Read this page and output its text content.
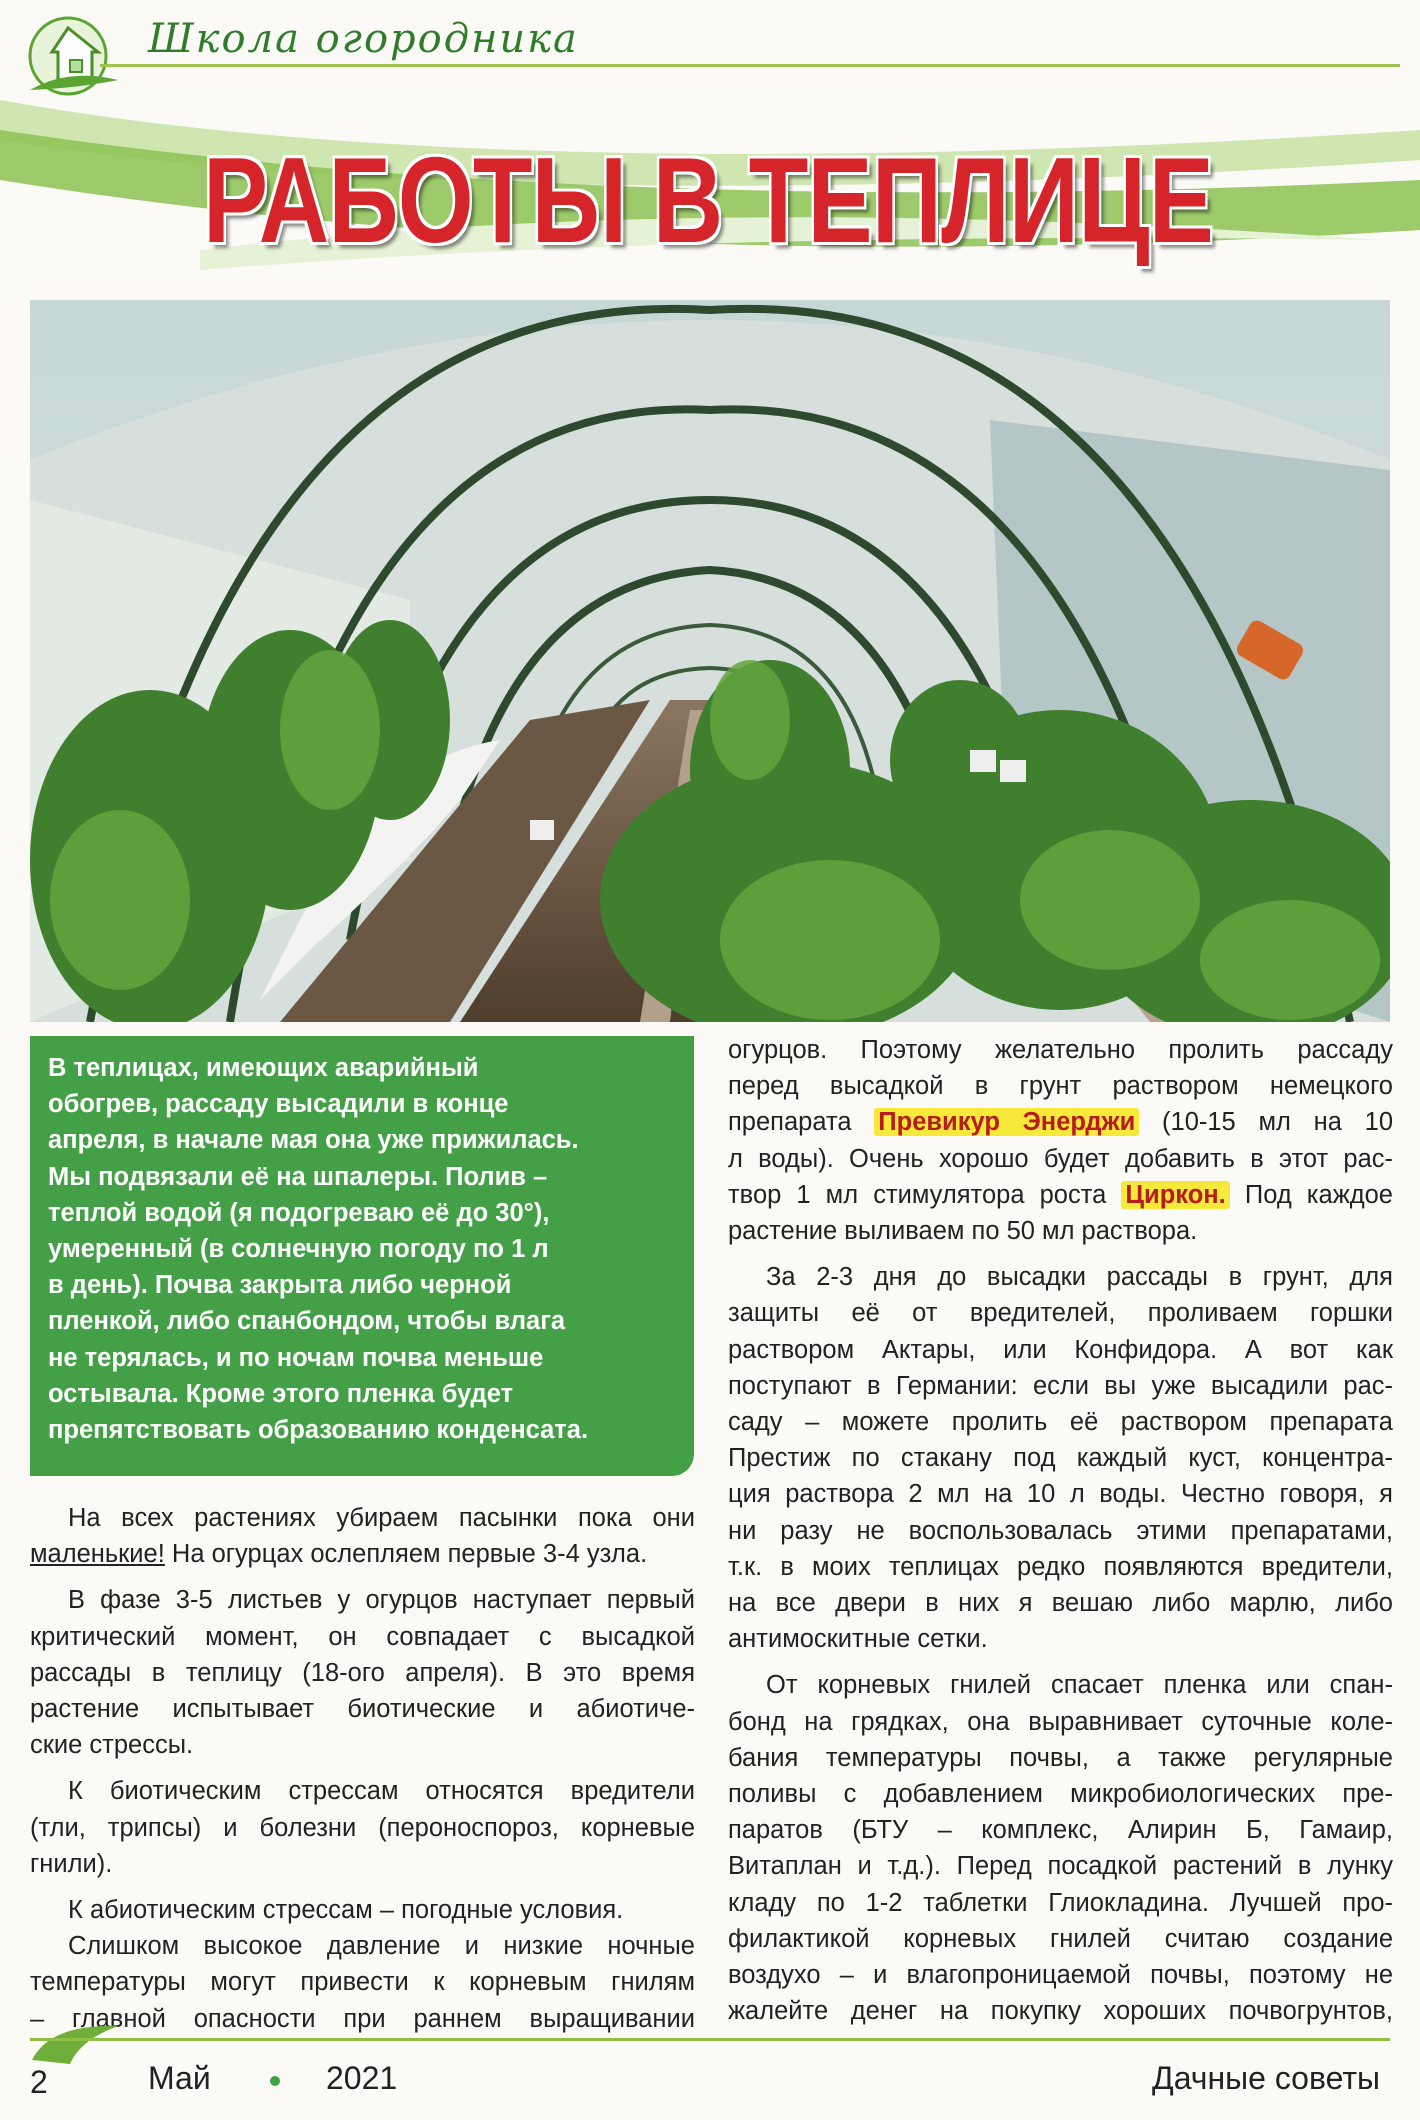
Школа огородника
РАБОТЫ В ТЕПЛИЦЕ

В теплицах, имеющих аварийный

обогрев, рассаду высадили в конце

апреля, в начале мая она уже прижилась.

Мы подвязали её на шпалеры. Полив –

теплой водой (я подогреваю её до 30°),

умеренный (в солнечную погоду по 1 л

в день). Почва закрыта либо черной

пленкой, либо спанбондом, чтобы влага

не терялась, и по ночам почва меньше

остывала. Кроме этого пленка будет

препятствовать образованию конденсата.

На всех растениях убираем пасынки пока они
маленькие! На огурцах ослепляем первые 3-4 узла.
В фазе 3-5 листьев у огурцов наступает первый
критический момент, он совпадает с высадкой
рассады в теплицу (18-ого апреля). В это время
растение испытывает биотические и абиотиче-
ские стрессы.
К биотическим стрессам относятся вредители
(тли, трипсы) и болезни (пероноспороз, корневые
гнили).
К абиотическим стрессам – погодные условия.
Слишком высокое давление и низкие ночные
температуры могут привести к корневым гнилям
– главной опасности при раннем выращивании
огурцов. Поэтому желательно пролить рассаду
перед высадкой в грунт раствором немецкого
препарата Превикур Энерджи (10-15 мл на 10
л воды). Очень хорошо будет добавить в этот рас-
твор 1 мл стимулятора роста Циркон. Под каждое
растение выливаем по 50 мл раствора.
За 2-3 дня до высадки рассады в грунт, для
защиты её от вредителей, проливаем горшки
раствором Актары, или Конфидора. А вот как
поступают в Германии: если вы уже высадили рас-
саду – можете пролить её раствором препарата
Престиж по стакану под каждый куст, концентра-
ция раствора 2 мл на 10 л воды. Честно говоря, я
ни разу не воспользовалась этими препаратами,
т.к. в моих теплицах редко появляются вредители,
на все двери в них я вешаю либо марлю, либо
антимоскитные сетки.
От корневых гнилей спасает пленка или спан-
бонд на грядках, она выравнивает суточные коле-
бания температуры почвы, а также регулярные
поливы с добавлением микробиологических пре-
паратов (БТУ – комплекс, Алирин Б, Гамаир,
Витаплан и т.д.). Перед посадкой растений в лунку
кладу по 1-2 таблетки Глиокладина. Лучшей про-
филактикой корневых гнилей считаю создание
воздухо – и влагопроницаемой почвы, поэтому не
жалейте денег на покупку хороших почвогрунтов,
2	Май	2021	Дачные советы
